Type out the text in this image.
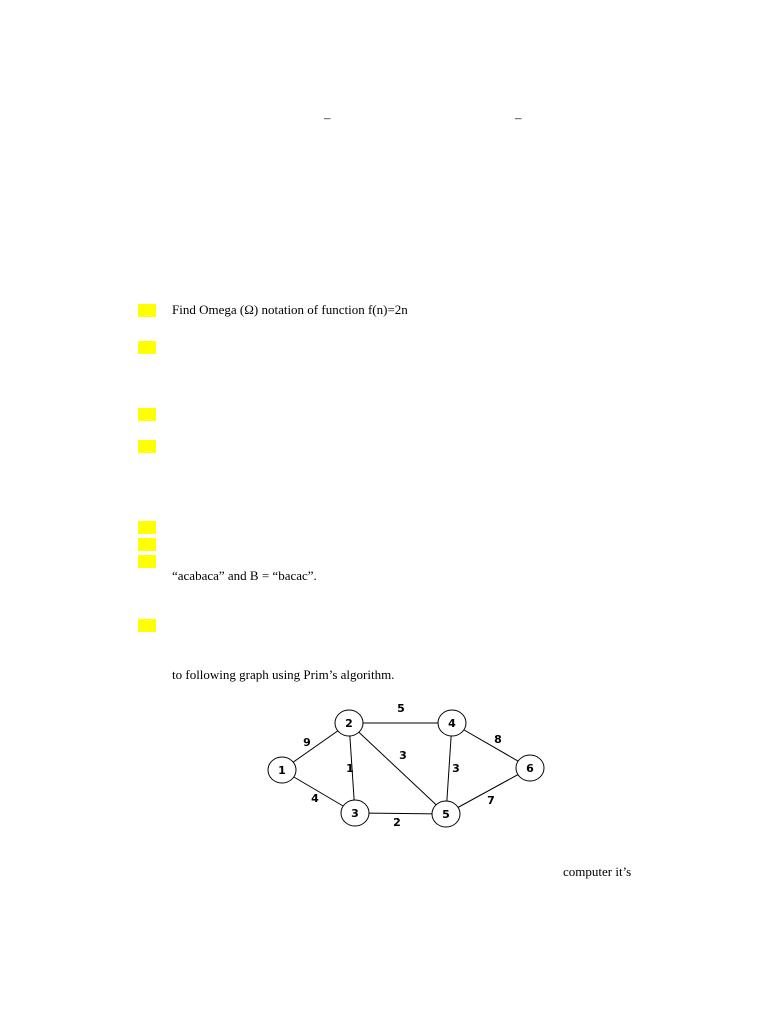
–	–
Find Omega (Ω) notation of function f(n)=2n
“acabaca” and B = “bacac”.
to following graph using Prim’s algorithm.
computer it’s
9
4
1
5
3
2
3
8
7
1
2
3
4
5
6
